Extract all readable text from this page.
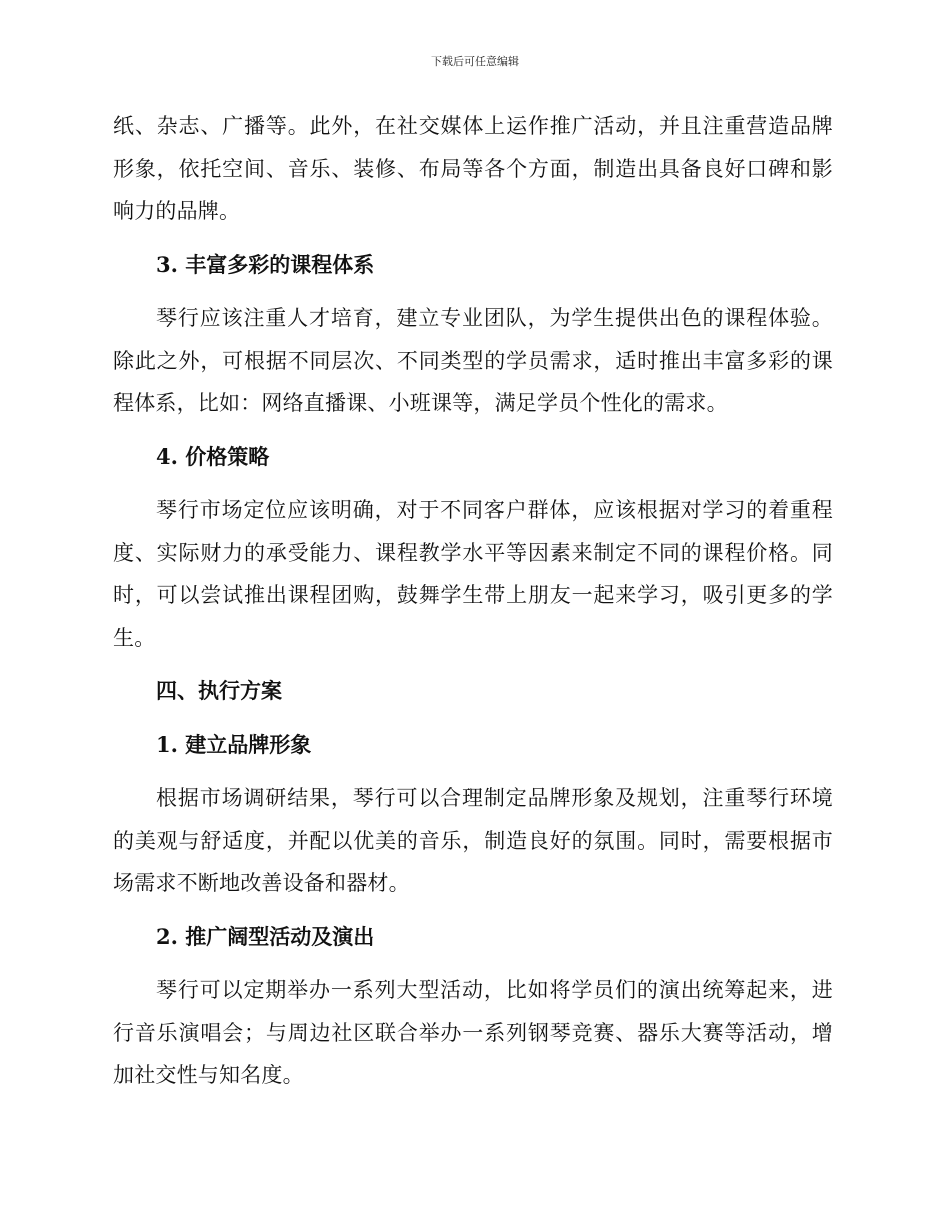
下载后可任意编辑

纸、杂志、广播等。此外，在社交媒体上运作推广活动，并且注重营造品牌形象，依托空间、音乐、装修、布局等各个方面，制造出具备良好口碑和影响力的品牌。

3. 丰富多彩的课程体系

琴行应该注重人才培育，建立专业团队，为学生提供出色的课程体验。除此之外，可根据不同层次、不同类型的学员需求，适时推出丰富多彩的课程体系，比如：网络直播课、小班课等，满足学员个性化的需求。

4. 价格策略

琴行市场定位应该明确，对于不同客户群体，应该根据对学习的着重程度、实际财力的承受能力、课程教学水平等因素来制定不同的课程价格。同时，可以尝试推出课程团购，鼓舞学生带上朋友一起来学习，吸引更多的学生。

四、执行方案
1. 建立品牌形象

根据市场调研结果，琴行可以合理制定品牌形象及规划，注重琴行环境的美观与舒适度，并配以优美的音乐，制造良好的氛围。同时，需要根据市场需求不断地改善设备和器材。

2. 推广阔型活动及演出

琴行可以定期举办一系列大型活动，比如将学员们的演出统筹起来，进行音乐演唱会；与周边社区联合举办一系列钢琴竞赛、器乐大赛等活动，增加社交性与知名度。
